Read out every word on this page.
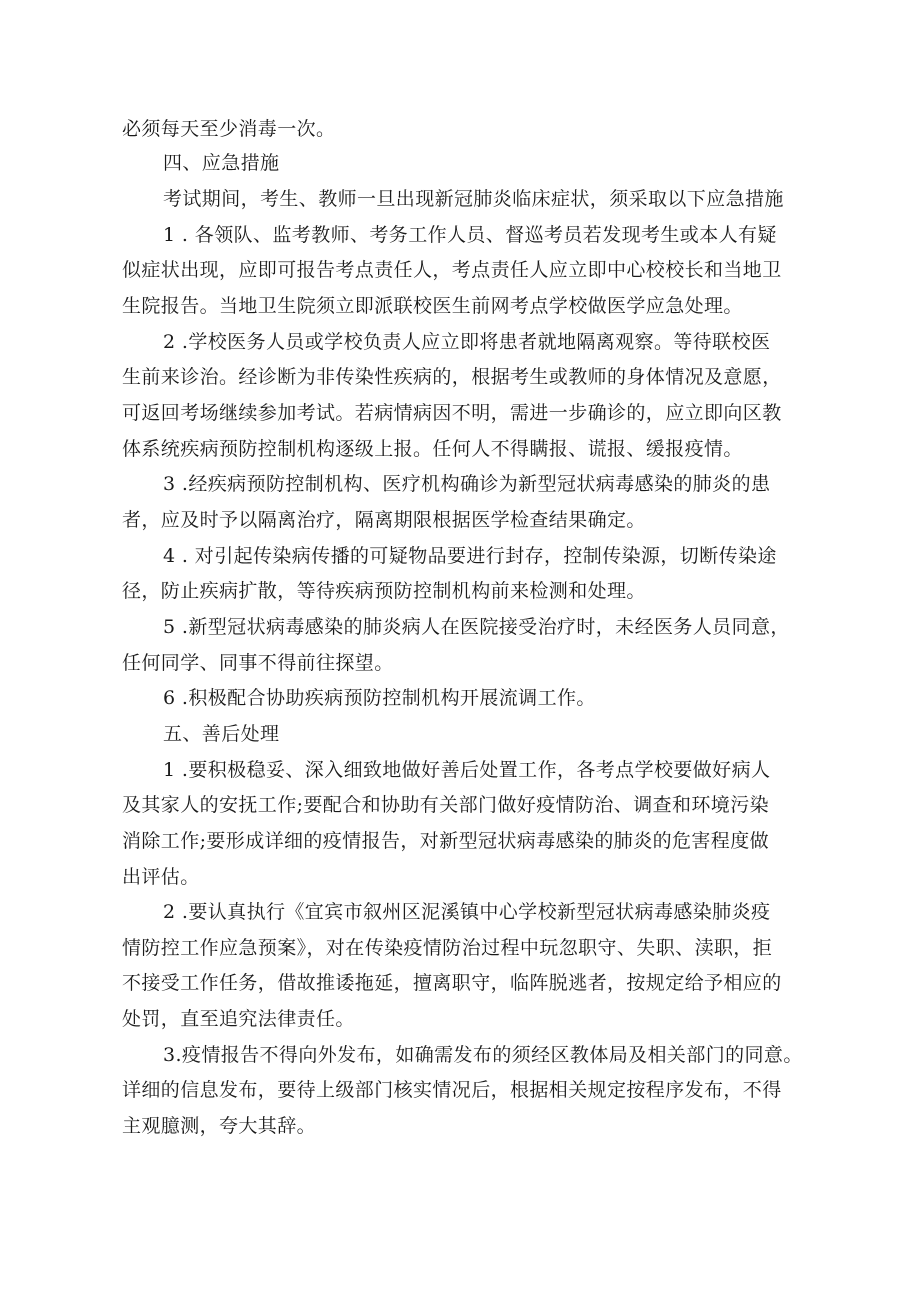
必须每天至少消毒一次。
四、应急措施
考试期间，考生、教师一旦出现新冠肺炎临床症状，须采取以下应急措施
1 . 各领队、监考教师、考务工作人员、督巡考员若发现考生或本人有疑
似症状出现，应即可报告考点责任人，考点责任人应立即中心校校长和当地卫
生院报告。当地卫生院须立即派联校医生前网考点学校做医学应急处理。
2 .学校医务人员或学校负责人应立即将患者就地隔离观察。等待联校医
生前来诊治。经诊断为非传染性疾病的，根据考生或教师的身体情况及意愿，
可返回考场继续参加考试。若病情病因不明，需进一步确诊的，应立即向区教
体系统疾病预防控制机构逐级上报。任何人不得瞒报、谎报、缓报疫情。
3 .经疾病预防控制机构、医疗机构确诊为新型冠状病毒感染的肺炎的患
者，应及时予以隔离治疗，隔离期限根据医学检查结果确定。
4 . 对引起传染病传播的可疑物品要进行封存，控制传染源，切断传染途
径，防止疾病扩散，等待疾病预防控制机构前来检测和处理。
5 .新型冠状病毒感染的肺炎病人在医院接受治疗时，未经医务人员同意，
任何同学、同事不得前往探望。
6 .积极配合协助疾病预防控制机构开展流调工作。
五、善后处理
1 .要积极稳妥、深入细致地做好善后处置工作，各考点学校要做好病人
及其家人的安抚工作;要配合和协助有关部门做好疫情防治、调查和环境污染
消除工作;要形成详细的疫情报告，对新型冠状病毒感染的肺炎的危害程度做
出评估。
2 .要认真执行《宜宾市叙州区泥溪镇中心学校新型冠状病毒感染肺炎疫
情防控工作应急预案》，对在传染疫情防治过程中玩忽职守、失职、渎职，拒
不接受工作任务，借故推诿拖延，擅离职守，临阵脱逃者，按规定给予相应的
处罚，直至追究法律责任。
3.疫情报告不得向外发布，如确需发布的须经区教体局及相关部门的同意。
详细的信息发布，要待上级部门核实情况后，根据相关规定按程序发布，不得
主观臆测，夸大其辞。
